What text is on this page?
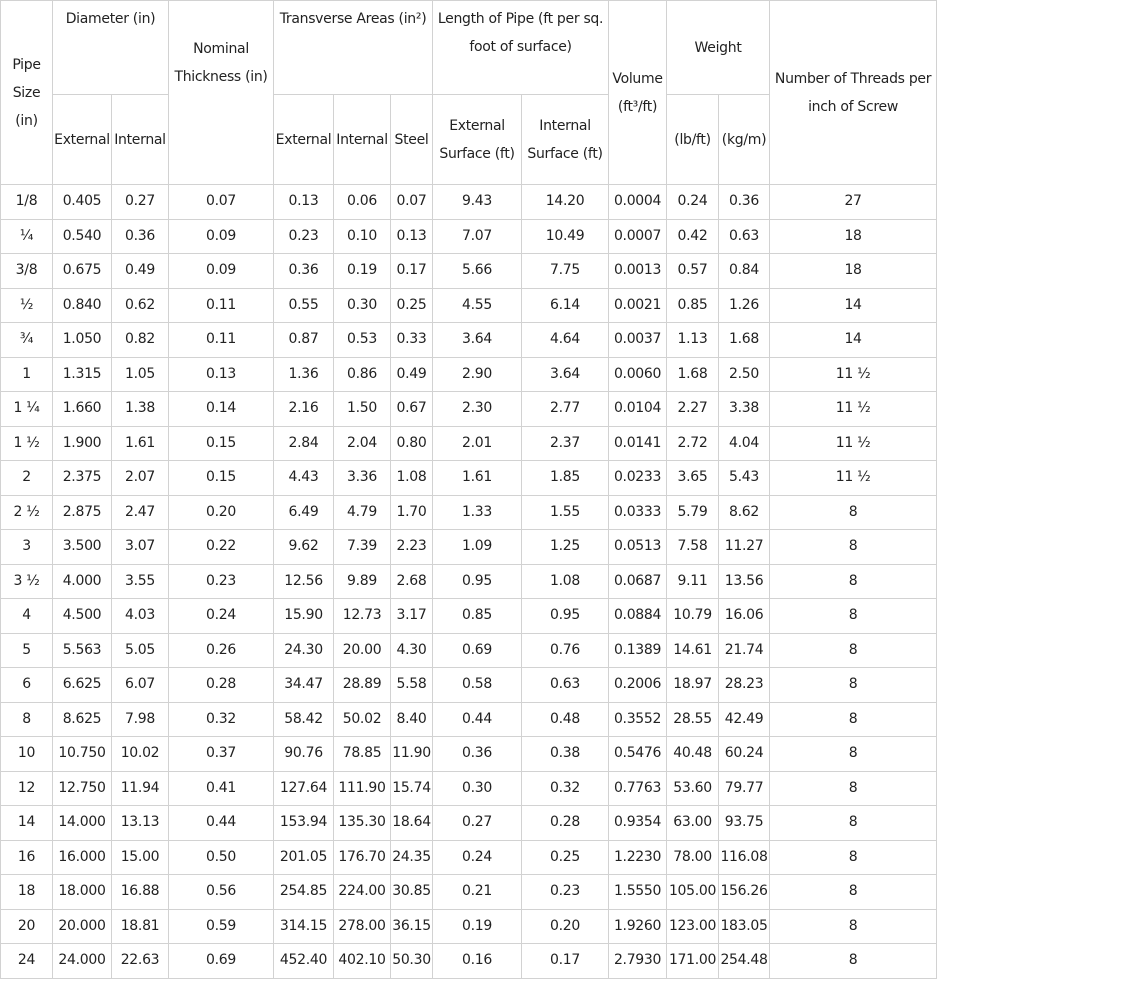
Pipe Size (in)	Diameter (in)		Nominal Thickness (in)	Transverse Areas (in²)			Length of Pipe (ft per sq. foot of surface)		Volume (ft³/ft)	Weight		Number of Threads per inch of Screw

	External	Internal		External	Internal	Steel	External Surface (ft)	Internal Surface (ft)		(lb/ft)	(kg/m)	

1/8	0.405	0.27	0.07	0.13	0.06	0.07	9.43	14.20	0.0004	0.24	0.36	27
¼	0.540	0.36	0.09	0.23	0.10	0.13	7.07	10.49	0.0007	0.42	0.63	18
3/8	0.675	0.49	0.09	0.36	0.19	0.17	5.66	7.75	0.0013	0.57	0.84	18
½	0.840	0.62	0.11	0.55	0.30	0.25	4.55	6.14	0.0021	0.85	1.26	14
¾	1.050	0.82	0.11	0.87	0.53	0.33	3.64	4.64	0.0037	1.13	1.68	14
1	1.315	1.05	0.13	1.36	0.86	0.49	2.90	3.64	0.0060	1.68	2.50	11 ½
1 ¼	1.660	1.38	0.14	2.16	1.50	0.67	2.30	2.77	0.0104	2.27	3.38	11 ½
1 ½	1.900	1.61	0.15	2.84	2.04	0.80	2.01	2.37	0.0141	2.72	4.04	11 ½
2	2.375	2.07	0.15	4.43	3.36	1.08	1.61	1.85	0.0233	3.65	5.43	11 ½
2 ½	2.875	2.47	0.20	6.49	4.79	1.70	1.33	1.55	0.0333	5.79	8.62	8
3	3.500	3.07	0.22	9.62	7.39	2.23	1.09	1.25	0.0513	7.58	11.27	8
3 ½	4.000	3.55	0.23	12.56	9.89	2.68	0.95	1.08	0.0687	9.11	13.56	8
4	4.500	4.03	0.24	15.90	12.73	3.17	0.85	0.95	0.0884	10.79	16.06	8
5	5.563	5.05	0.26	24.30	20.00	4.30	0.69	0.76	0.1389	14.61	21.74	8
6	6.625	6.07	0.28	34.47	28.89	5.58	0.58	0.63	0.2006	18.97	28.23	8
8	8.625	7.98	0.32	58.42	50.02	8.40	0.44	0.48	0.3552	28.55	42.49	8
10	10.750	10.02	0.37	90.76	78.85	11.90	0.36	0.38	0.5476	40.48	60.24	8
12	12.750	11.94	0.41	127.64	111.90	15.74	0.30	0.32	0.7763	53.60	79.77	8
14	14.000	13.13	0.44	153.94	135.30	18.64	0.27	0.28	0.9354	63.00	93.75	8
16	16.000	15.00	0.50	201.05	176.70	24.35	0.24	0.25	1.2230	78.00	116.08	8
18	18.000	16.88	0.56	254.85	224.00	30.85	0.21	0.23	1.5550	105.00	156.26	8
20	20.000	18.81	0.59	314.15	278.00	36.15	0.19	0.20	1.9260	123.00	183.05	8
24	24.000	22.63	0.69	452.40	402.10	50.30	0.16	0.17	2.7930	171.00	254.48	8
